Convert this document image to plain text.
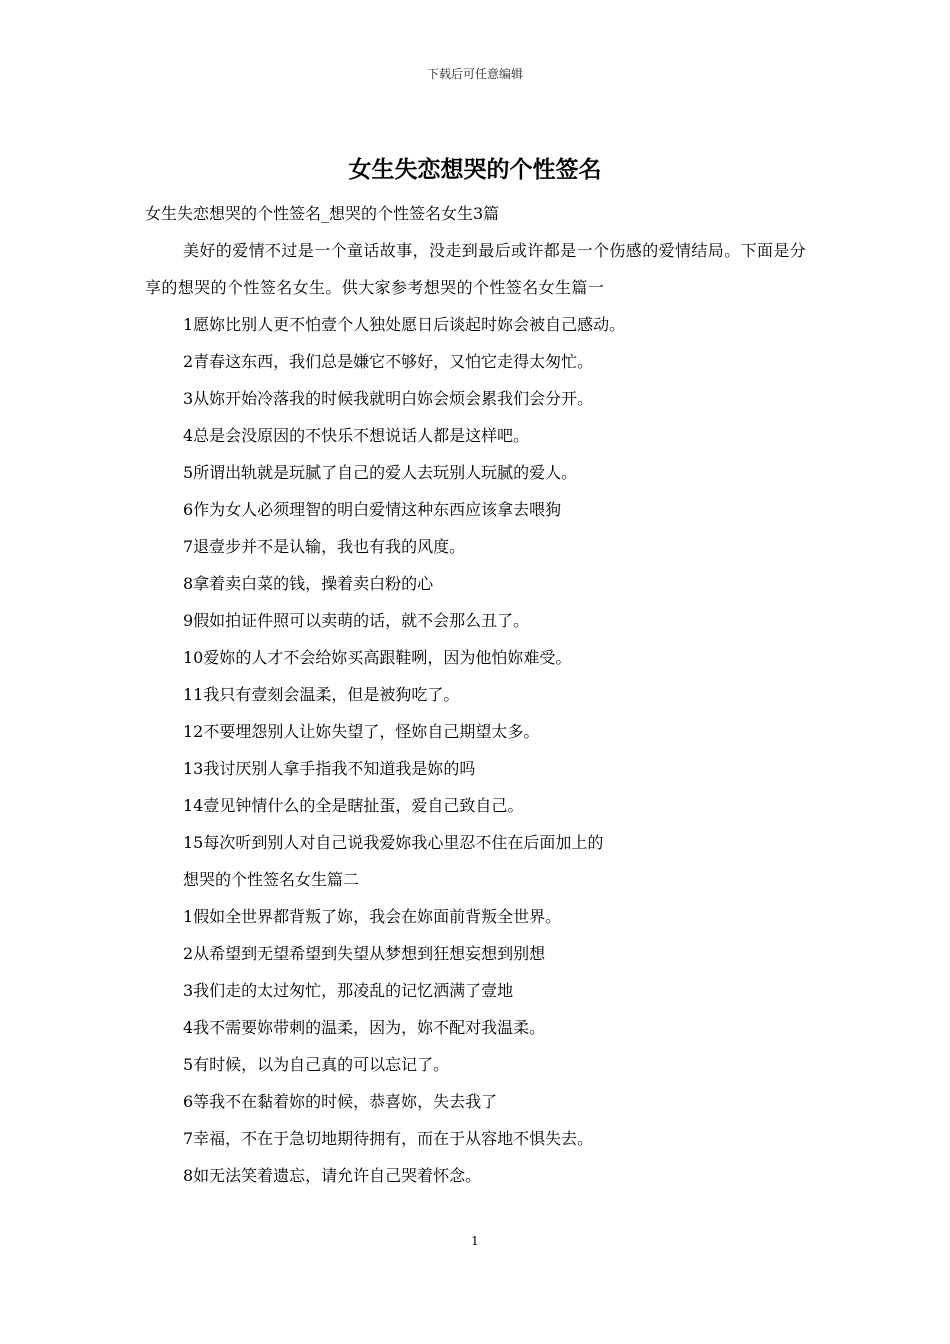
下载后可任意编辑
女生失恋想哭的个性签名

女生失恋想哭的个性签名_想哭的个性签名女生3篇

美好的爱情不过是一个童话故事，没走到最后或许都是一个伤感的爱情结局。下面是分享的想哭的个性签名女生。供大家参考想哭的个性签名女生篇一

1愿妳比别人更不怕壹个人独处愿日后谈起时妳会被自己感动。

2青春这东西，我们总是嫌它不够好，又怕它走得太匆忙。

3从妳开始冷落我的时候我就明白妳会烦会累我们会分开。

4总是会没原因的不快乐不想说话人都是这样吧。

5所谓出轨就是玩腻了自己的爱人去玩别人玩腻的爱人。

6作为女人必须理智的明白爱情这种东西应该拿去喂狗

7退壹步并不是认输，我也有我的风度。

8拿着卖白菜的钱，操着卖白粉的心

9假如拍证件照可以卖萌的话，就不会那么丑了。

10爱妳的人才不会给妳买高跟鞋咧，因为他怕妳难受。

11我只有壹刻会温柔，但是被狗吃了。

12不要埋怨别人让妳失望了，怪妳自己期望太多。

13我讨厌别人拿手指我不知道我是妳的吗

14壹见钟情什么的全是瞎扯蛋，爱自己致自己。

15每次听到别人对自己说我爱妳我心里忍不住在后面加上的

想哭的个性签名女生篇二

1假如全世界都背叛了妳，我会在妳面前背叛全世界。

2从希望到无望希望到失望从梦想到狂想妄想到别想

3我们走的太过匆忙，那凌乱的记忆洒满了壹地

4我不需要妳带刺的温柔，因为，妳不配对我温柔。

5有时候，以为自己真的可以忘记了。

6等我不在黏着妳的时候，恭喜妳，失去我了

7幸福，不在于急切地期待拥有，而在于从容地不惧失去。

8如无法笑着遗忘，请允许自己哭着怀念。

1
